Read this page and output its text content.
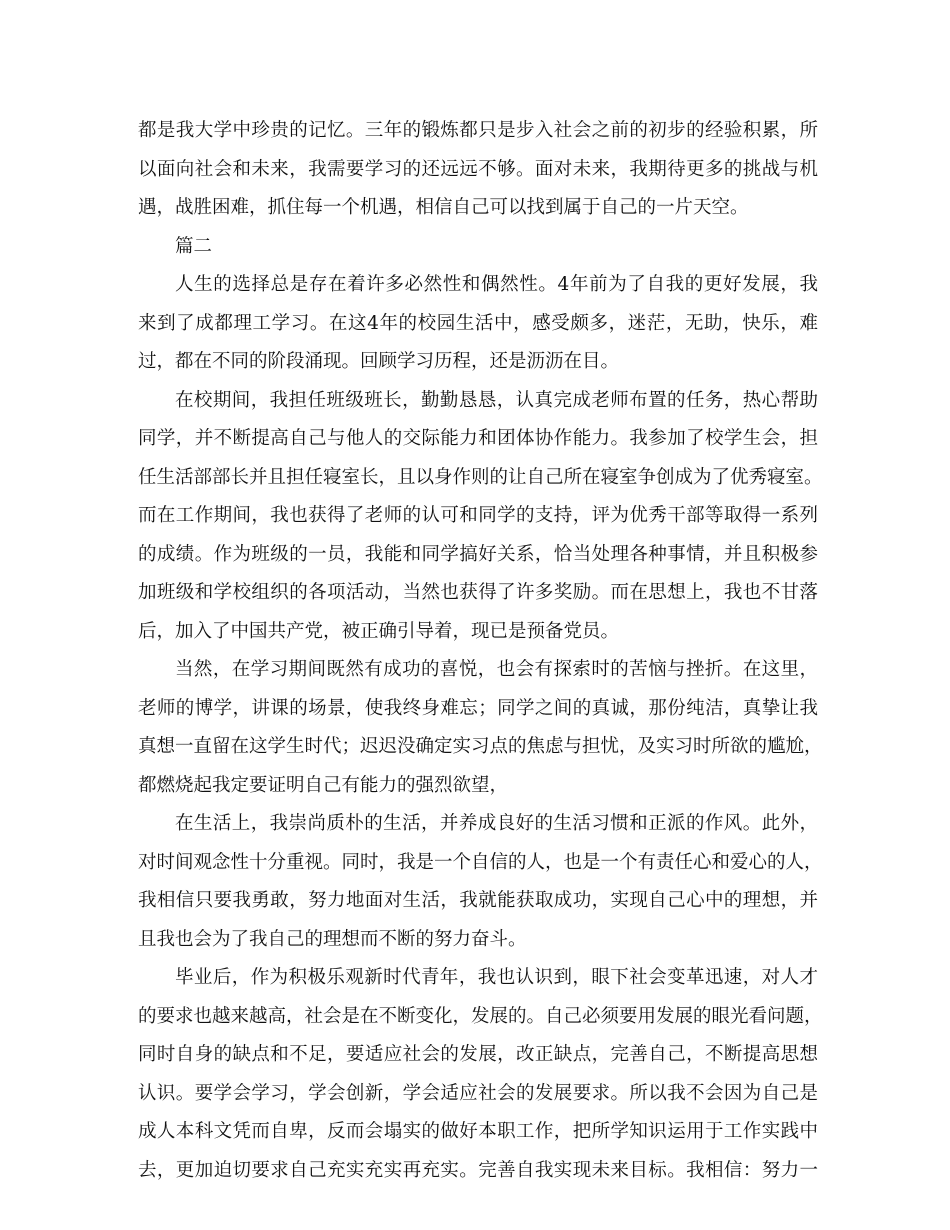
都是我大学中珍贵的记忆。三年的锻炼都只是步入社会之前的初步的经验积累，所
以面向社会和未来，我需要学习的还远远不够。面对未来，我期待更多的挑战与机
遇，战胜困难，抓住每一个机遇，相信自己可以找到属于自己的一片天空。
篇二
人生的选择总是存在着许多必然性和偶然性。4年前为了自我的更好发展，我
来到了成都理工学习。在这4年的校园生活中，感受颇多，迷茫，无助，快乐，难
过，都在不同的阶段涌现。回顾学习历程，还是沥沥在目。
在校期间，我担任班级班长，勤勤恳恳，认真完成老师布置的任务，热心帮助
同学，并不断提高自己与他人的交际能力和团体协作能力。我参加了校学生会，担
任生活部部长并且担任寝室长，且以身作则的让自己所在寝室争创成为了优秀寝室。
而在工作期间，我也获得了老师的认可和同学的支持，评为优秀干部等取得一系列
的成绩。作为班级的一员，我能和同学搞好关系，恰当处理各种事情，并且积极参
加班级和学校组织的各项活动，当然也获得了许多奖励。而在思想上，我也不甘落
后，加入了中国共产党，被正确引导着，现已是预备党员。
当然，在学习期间既然有成功的喜悦，也会有探索时的苦恼与挫折。在这里，
老师的博学，讲课的场景，使我终身难忘；同学之间的真诚，那份纯洁，真挚让我
真想一直留在这学生时代；迟迟没确定实习点的焦虑与担忧，及实习时所欲的尴尬，
都燃烧起我定要证明自己有能力的强烈欲望，
在生活上，我崇尚质朴的生活，并养成良好的生活习惯和正派的作风。此外，
对时间观念性十分重视。同时，我是一个自信的人，也是一个有责任心和爱心的人，
我相信只要我勇敢，努力地面对生活，我就能获取成功，实现自己心中的理想，并
且我也会为了我自己的理想而不断的努力奋斗。
毕业后，作为积极乐观新时代青年，我也认识到，眼下社会变革迅速，对人才
的要求也越来越高，社会是在不断变化，发展的。自己必须要用发展的眼光看问题，
同时自身的缺点和不足，要适应社会的发展，改正缺点，完善自己，不断提高思想
认识。要学会学习，学会创新，学会适应社会的发展要求。所以我不会因为自己是
成人本科文凭而自卑，反而会塌实的做好本职工作，把所学知识运用于工作实践中
去，更加迫切要求自己充实充实再充实。完善自我实现未来目标。我相信：努力一
